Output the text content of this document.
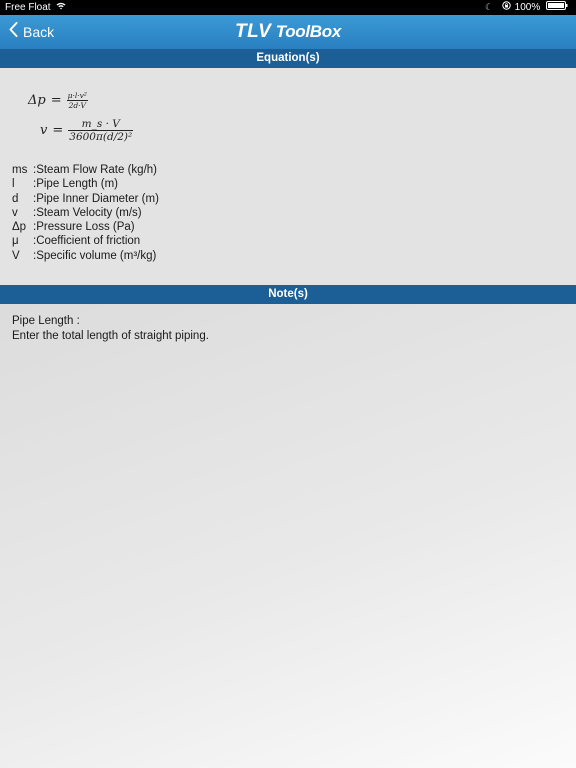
Free Float	☾ 100%
Back	TLV ToolBox
Equation(s)
$\Delta p = \frac{\text{μ·l·v²}}{2d\cdot V}$
$v = \frac{m\_s \cdot V}{\text{3600π(d/2)²}}$
ms :Steam Flow Rate (kg/h)
l :Pipe Length (m)
d :Pipe Inner Diameter (m)
v :Steam Velocity (m/s)
Δp :Pressure Loss (Pa)
μ :Coefficient of friction
V :Specific volume (m³/kg)
Note(s)
Pipe Length :
Enter the total length of straight piping.
